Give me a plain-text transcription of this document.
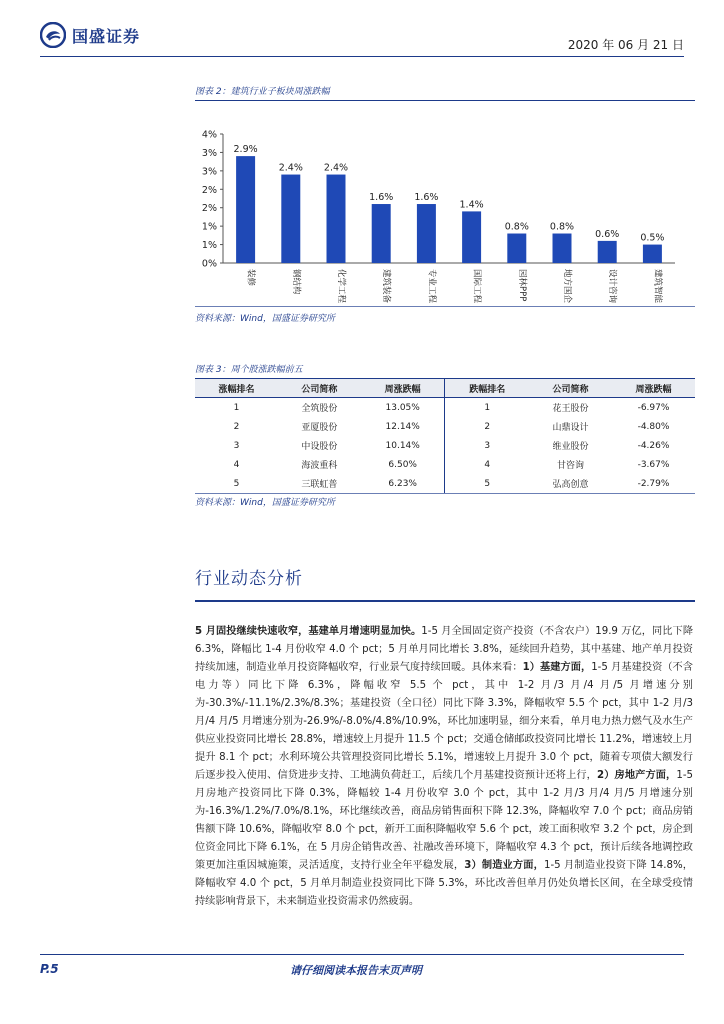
国盛证券	2020 年 06 月 21 日
图表 2：建筑行业子板块周涨跌幅
0%
1%
1%
2%
2%
3%
3%
4%
2.9%
2.4% 2.4%
1.6% 1.6%
1.4%
0.8% 0.8%
0.6% 0.5%
装修	钢结构	化学工程	建筑装备	专业工程	国际工程	园林PPP	地方国企	设计咨询	建筑智能
资料来源：Wind，国盛证券研究所
图表 3：周个股涨跌幅前五
涨幅排名	公司简称	周涨跌幅	跌幅排名	公司简称	周涨跌幅
1	全筑股份	13.05%	1	花王股份	-6.97%
2	亚厦股份	12.14%	2	山鼎设计	-4.80%
3	中设股份	10.14%	3	维业股份	-4.26%
4	海波重科	6.50%	4	甘咨询	-3.67%
5	三联虹普	6.23%	5	弘高创意	-2.79%
资料来源：Wind，国盛证券研究所
行业动态分析
5 月固投继续快速收窄，基建单月增速明显加快。1-5 月全国固定资产投资（不含农户）19.9 万亿，同比下降 6.3%，降幅比 1-4 月份收窄 4.0 个 pct；5 月单月同比增长 3.8%，延续回升趋势，其中基建、地产单月投资持续加速，制造业单月投资降幅收窄，行业景气度持续回暖。具体来看：1）基建方面，1-5 月基建投资（不含电力等）同比下降 6.3%，降幅收窄 5.5 个 pct，其中 1-2 月/3 月/4 月/5 月增速分别为-30.3%/-11.1%/2.3%/8.3%；基建投资（全口径）同比下降 3.3%，降幅收窄 5.5 个 pct，其中 1-2 月/3 月/4 月/5 月增速分别为-26.9%/-8.0%/4.8%/10.9%，环比加速明显，细分来看，单月电力热力燃气及水生产供应业投资同比增长 28.8%，增速较上月提升 11.5 个 pct；交通仓储邮政投资同比增长 11.2%，增速较上月提升 8.1 个 pct；水利环境公共管理投资同比增长 5.1%，增速较上月提升 3.0 个 pct，随着专项债大额发行后逐步投入使用、信贷进步支持、工地满负荷赶工，后续几个月基建投资预计还将上行，2）房地产方面，1-5 月房地产投资同比下降 0.3%，降幅较 1-4 月份收窄 3.0 个 pct，其中 1-2 月/3 月/4 月/5 月增速分别为-16.3%/1.2%/7.0%/8.1%，环比继续改善，商品房销售面积下降 12.3%，降幅收窄 7.0 个 pct；商品房销售额下降 10.6%，降幅收窄 8.0 个 pct，新开工面积降幅收窄 5.6 个 pct，竣工面积收窄 3.2 个 pct，房企到位资金同比下降 6.1%，在 5 月房企销售改善、社融改善环境下，降幅收窄 4.3 个 pct，预计后续各地调控政策更加注重因城施策，灵活适度，支持行业全年平稳发展，3）制造业方面，1-5 月制造业投资下降 14.8%，降幅收窄 4.0 个 pct，5 月单月制造业投资同比下降 5.3%，环比改善但单月仍处负增长区间，在全球受疫情持续影响背景下，未来制造业投资需求仍然疲弱。
P.5	请仔细阅读本报告末页声明
